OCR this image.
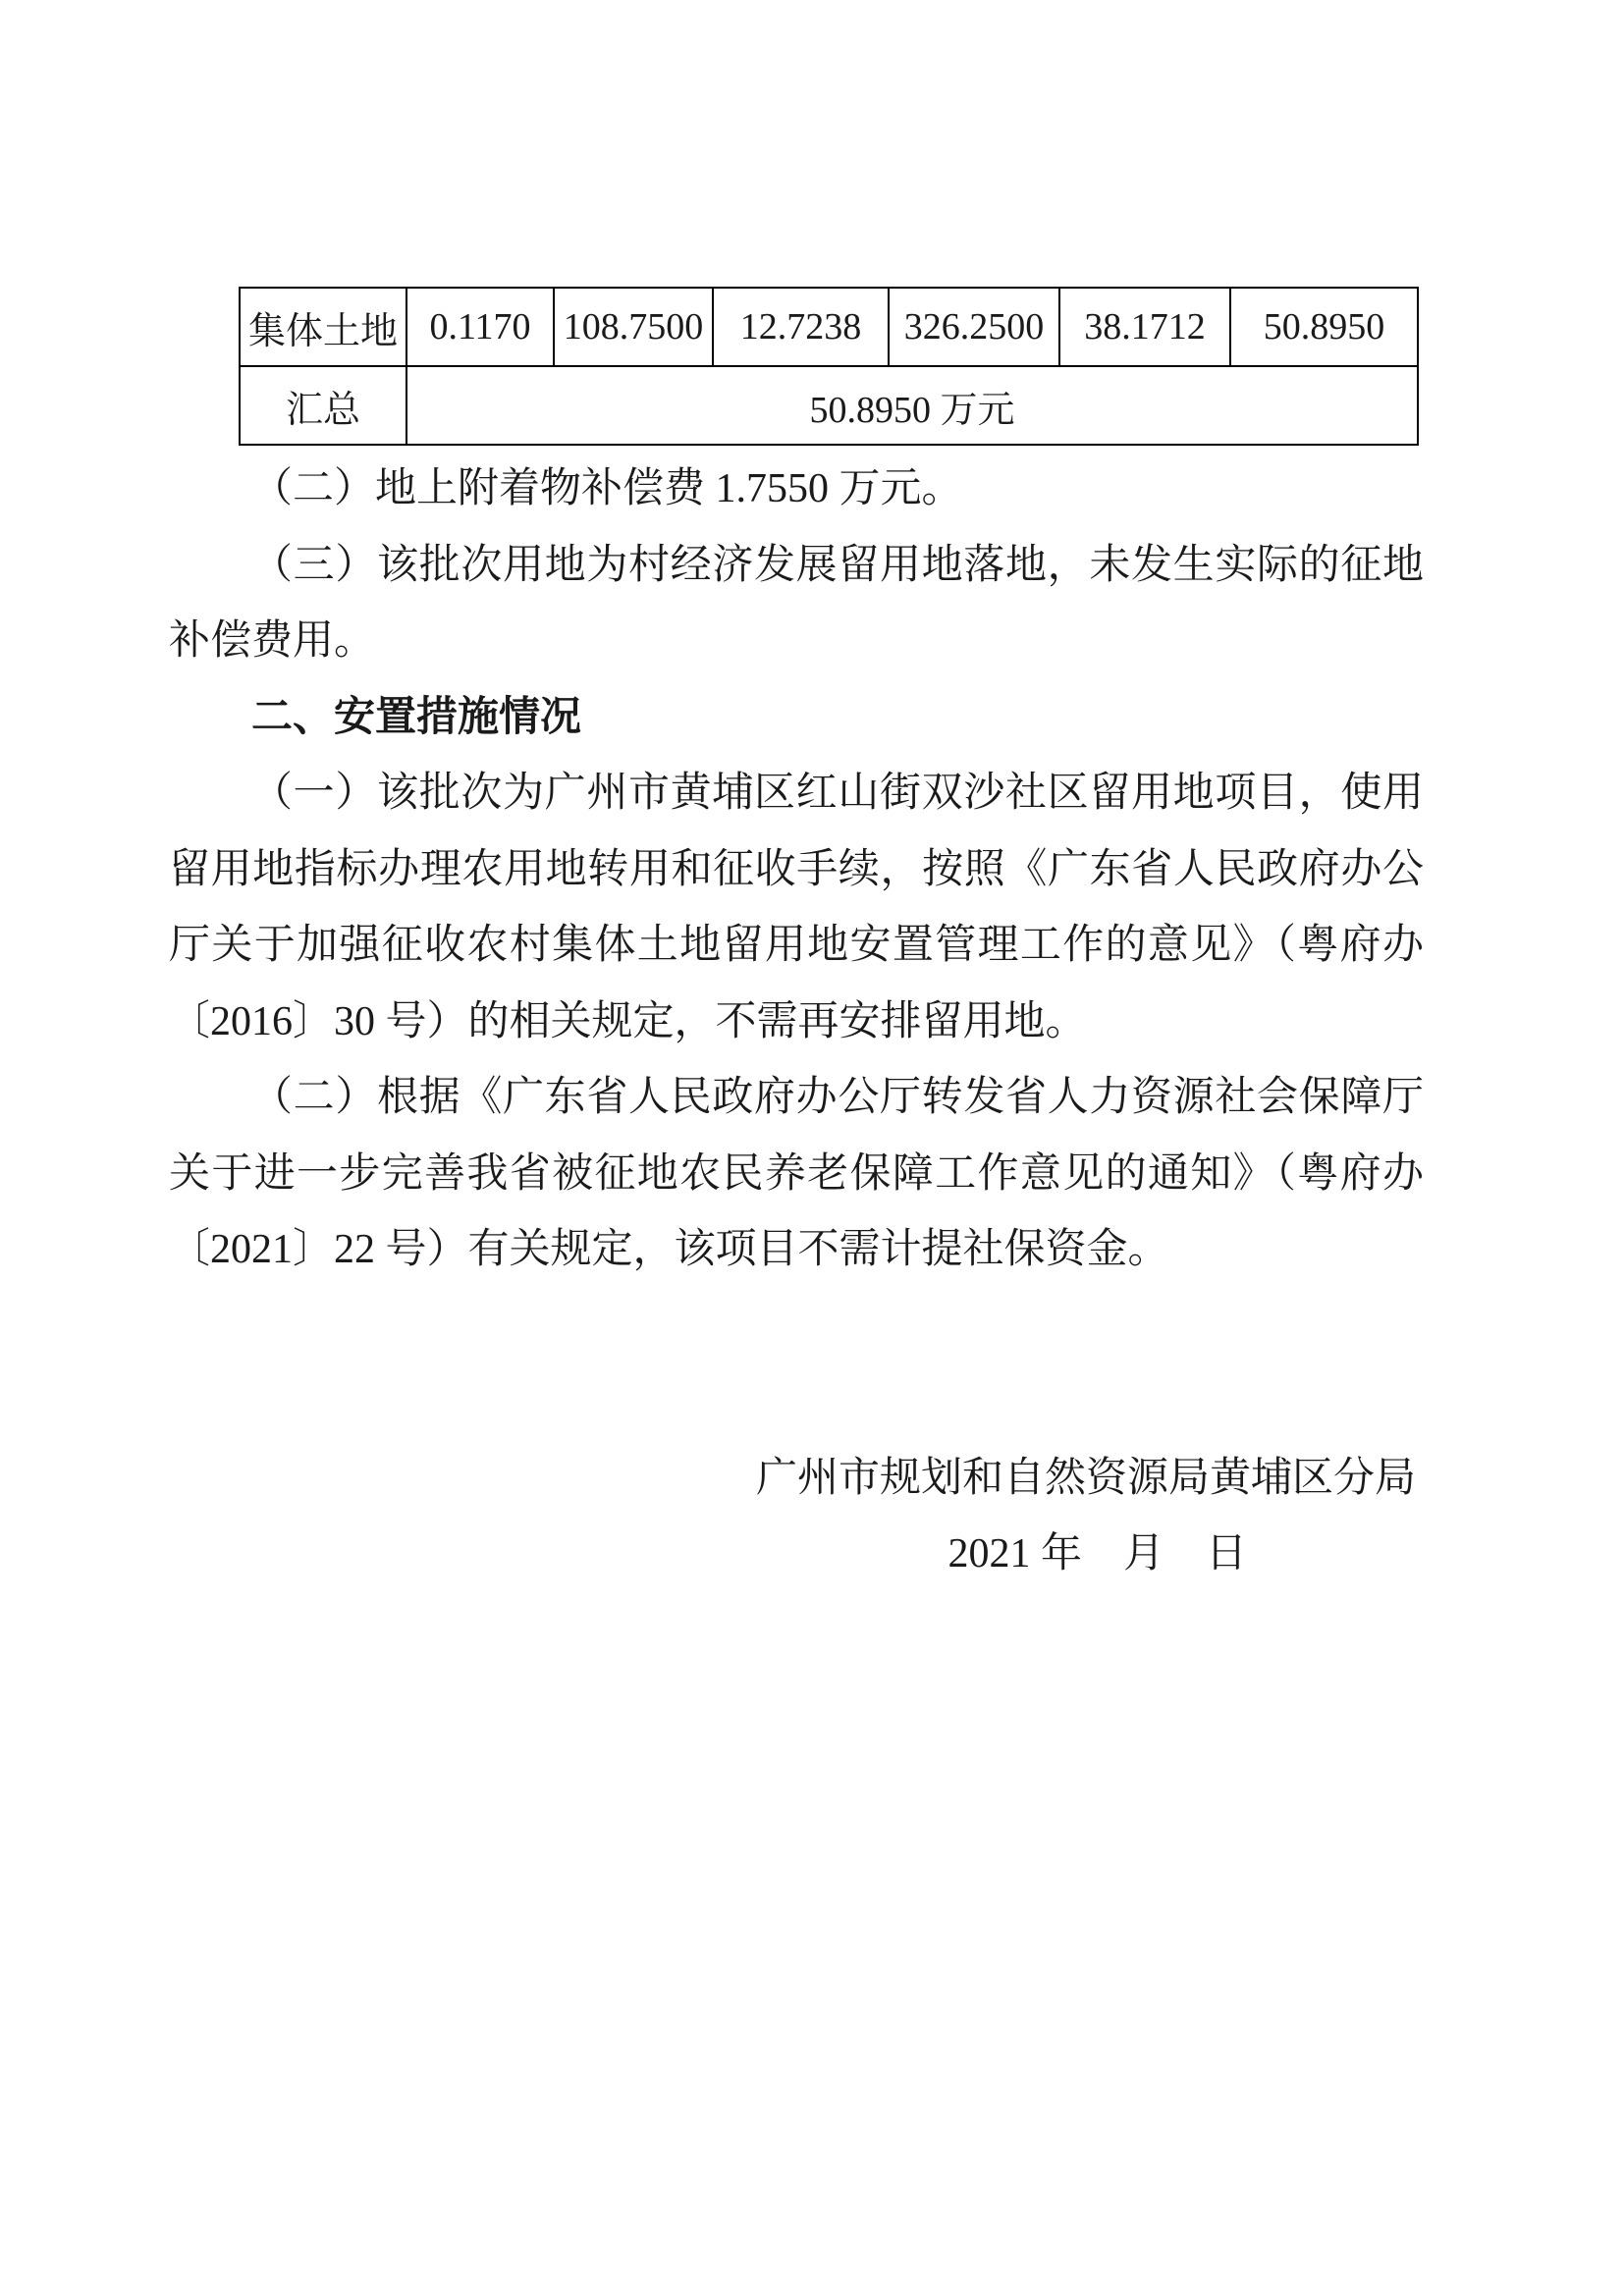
集体土地	0.1170	108.7500	12.7238	326.2500	38.1712	50.8950
汇总	50.8950 万元					

（二）地上附着物补偿费 1.7550 万元。

（三）该批次用地为村经济发展留用地落地，未发生实际的征地补偿费用。

二、安置措施情况

（一）该批次为广州市黄埔区红山街双沙社区留用地项目，使用留用地指标办理农用地转用和征收手续，按照《广东省人民政府办公厅关于加强征收农村集体土地留用地安置管理工作的意见》（粤府办〔2016〕30 号）的相关规定，不需再安排留用地。

（二）根据《广东省人民政府办公厅转发省人力资源社会保障厅关于进一步完善我省被征地农民养老保障工作意见的通知》（粤府办〔2021〕22 号）有关规定，该项目不需计提社保资金。

广州市规划和自然资源局黄埔区分局

2021 年　月　日
